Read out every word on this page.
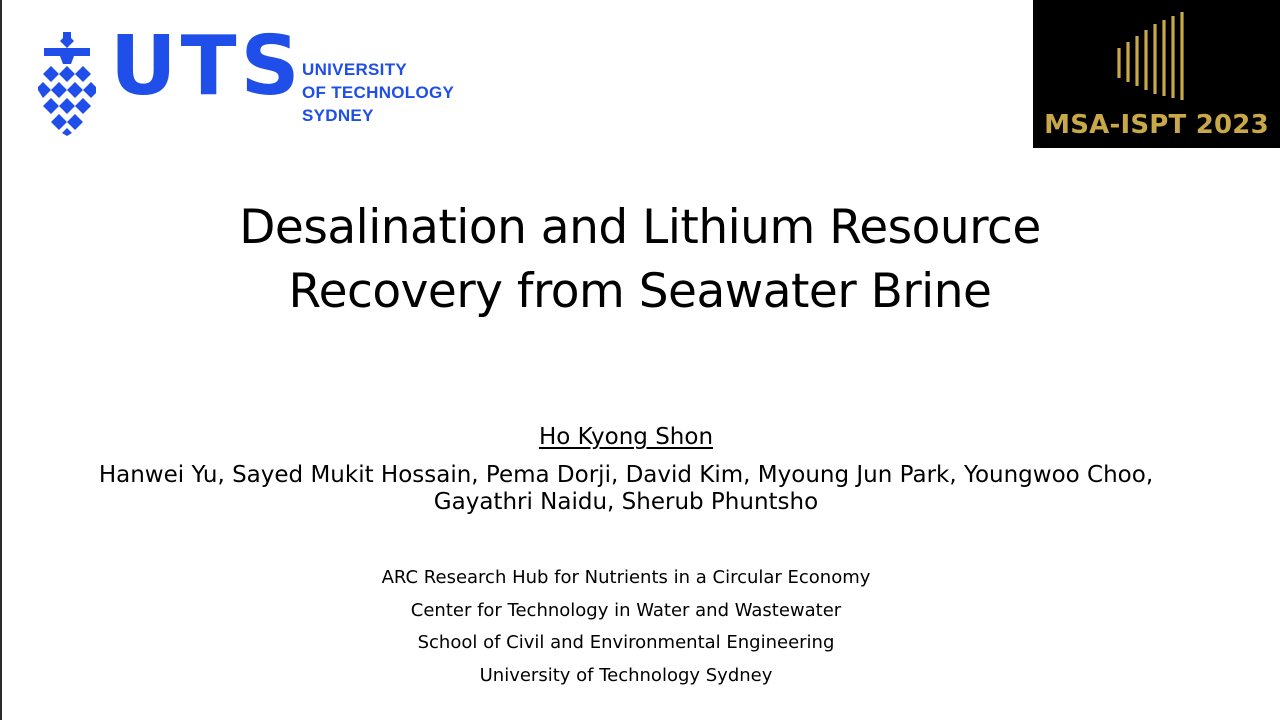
UTS
UNIVERSITY
OF TECHNOLOGY
SYDNEY	MSA-ISPT 2023
Desalination and Lithium Resource
Recovery from Seawater Brine
Ho Kyong Shon
Hanwei Yu, Sayed Mukit Hossain, Pema Dorji, David Kim, Myoung Jun Park, Youngwoo Choo,
Gayathri Naidu, Sherub Phuntsho
ARC Research Hub for Nutrients in a Circular Economy
Center for Technology in Water and Wastewater
School of Civil and Environmental Engineering
University of Technology Sydney
